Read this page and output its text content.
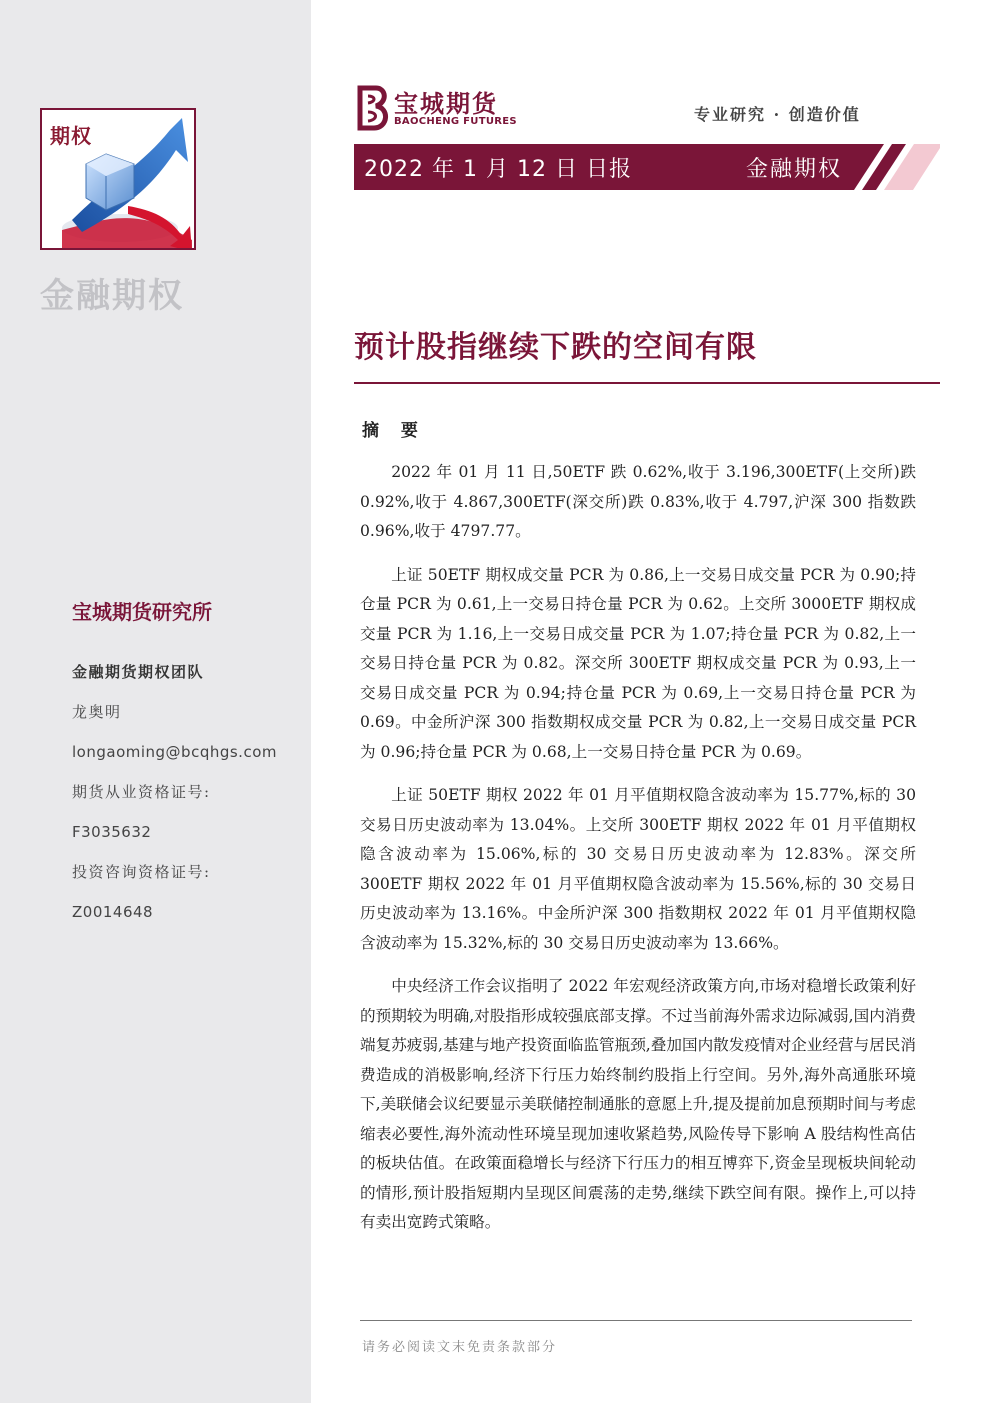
期权
金融期权
宝城期货研究所
金融期货期权团队
龙奥明
longaoming@bcqhgs.com
期货从业资格证号:
F3035632
投资咨询资格证号:
Z0014648
宝城期货
BAOCHENG FUTURES	专业研究 · 创造价值
2022 年 1 月 12 日 日报	金融期权
预计股指继续下跌的空间有限
摘 要

2022 年 01 月 11 日,50ETF 跌 0.62%,收于 3.196,300ETF(上交所)跌 0.92%,收于 4.867,300ETF(深交所)跌 0.83%,收于 4.797,沪深 300 指数跌 0.96%,收于 4797.77。

上证 50ETF 期权成交量 PCR 为 0.86,上一交易日成交量 PCR 为 0.90;持仓量 PCR 为 0.61,上一交易日持仓量 PCR 为 0.62。上交所 3000ETF 期权成交量 PCR 为 1.16,上一交易日成交量 PCR 为 1.07;持仓量 PCR 为 0.82,上一交易日持仓量 PCR 为 0.82。深交所 300ETF 期权成交量 PCR 为 0.93,上一交易日成交量 PCR 为 0.94;持仓量 PCR 为 0.69,上一交易日持仓量 PCR 为 0.69。中金所沪深 300 指数期权成交量 PCR 为 0.82,上一交易日成交量 PCR 为 0.96;持仓量 PCR 为 0.68,上一交易日持仓量 PCR 为 0.69。

上证 50ETF 期权 2022 年 01 月平值期权隐含波动率为 15.77%,标的 30 交易日历史波动率为 13.04%。上交所 300ETF 期权 2022 年 01 月平值期权隐含波动率为 15.06%,标的 30 交易日历史波动率为 12.83%。深交所 300ETF 期权 2022 年 01 月平值期权隐含波动率为 15.56%,标的 30 交易日历史波动率为 13.16%。中金所沪深 300 指数期权 2022 年 01 月平值期权隐含波动率为 15.32%,标的 30 交易日历史波动率为 13.66%。

中央经济工作会议指明了 2022 年宏观经济政策方向,市场对稳增长政策利好的预期较为明确,对股指形成较强底部支撑。不过当前海外需求边际减弱,国内消费端复苏疲弱,基建与地产投资面临监管瓶颈,叠加国内散发疫情对企业经营与居民消费造成的消极影响,经济下行压力始终制约股指上行空间。另外,海外高通胀环境下,美联储会议纪要显示美联储控制通胀的意愿上升,提及提前加息预期时间与考虑缩表必要性,海外流动性环境呈现加速收紧趋势,风险传导下影响 A 股结构性高估的板块估值。在政策面稳增长与经济下行压力的相互博弈下,资金呈现板块间轮动的情形,预计股指短期内呈现区间震荡的走势,继续下跌空间有限。操作上,可以持有卖出宽跨式策略。

请务必阅读文末免责条款部分
